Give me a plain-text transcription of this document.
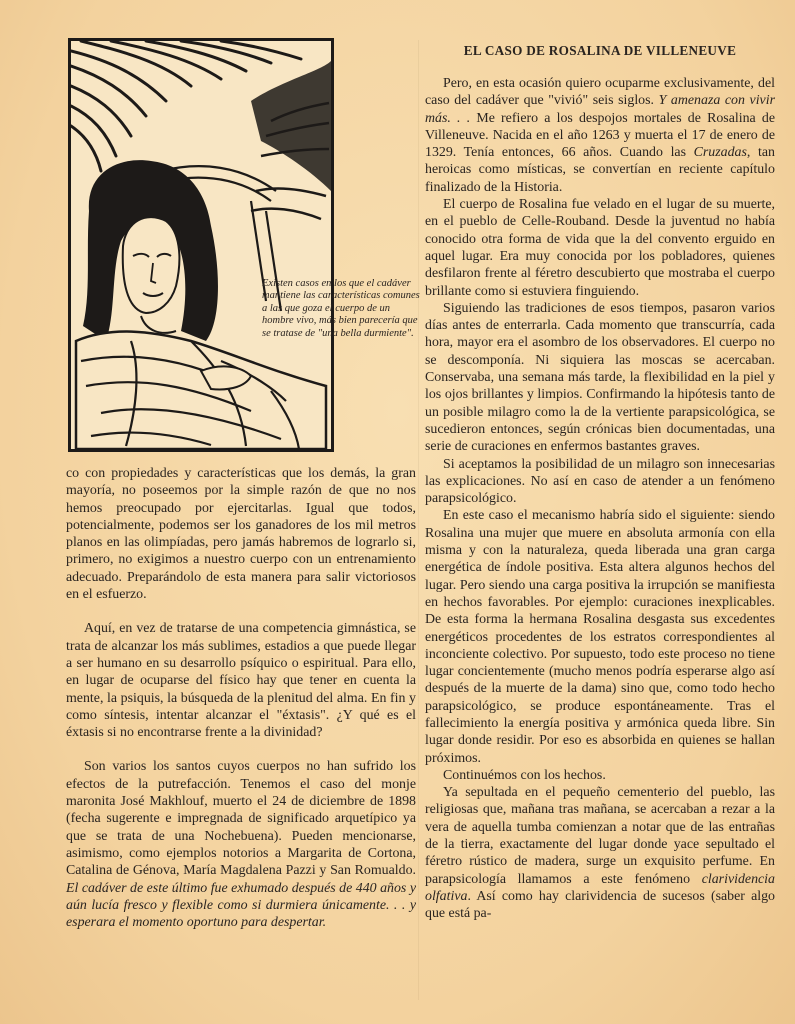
Existen casos en los que el cadáver mantiene las características comunes a las que goza el cuerpo de un hombre vivo, más bien parecería que se tratase de "una bella durmiente".

co con propiedades y características que los demás, la gran mayoría, no poseemos por la simple razón de que no nos hemos preocupado por ejercitarlas. Igual que todos, potencialmente, podemos ser los ganadores de los mil metros planos en las olimpíadas, pero jamás habremos de lograrlo si, primero, no exigimos a nuestro cuerpo con un entrenamiento adecuado. Preparándolo de esta manera para salir victoriosos en el esfuerzo.

Aquí, en vez de tratarse de una competencia gimnástica, se trata de alcanzar los más sublimes, estadios a que puede llegar a ser humano en su desarrollo psíquico o espiritual. Para ello, en lugar de ocuparse del físico hay que tener en cuenta la mente, la psiquis, la búsqueda de la plenitud del alma. En fin y como síntesis, intentar alcanzar el "éxtasis". ¿Y qué es el éxtasis si no encontrarse frente a la divinidad?

Son varios los santos cuyos cuerpos no han sufrido los efectos de la putrefacción. Tenemos el caso del monje maronita José Makhlouf, muerto el 24 de diciembre de 1898 (fecha sugerente e impregnada de significado arquetípico ya que se trata de una Nochebuena). Pueden mencionarse, asimismo, como ejemplos notorios a Margarita de Cortona, Catalina de Génova, María Magdalena Pazzi y San Romualdo. El cadáver de este último fue exhumado después de 440 años y aún lucía fresco y flexible como si durmiera únicamente. . . y esperara el momento oportuno para despertar.

EL CASO DE ROSALINA DE VILLENEUVE

Pero, en esta ocasión quiero ocuparme exclusivamente, del caso del cadáver que "vivió" seis siglos. Y amenaza con vivir más. . . Me refiero a los despojos mortales de Rosalina de Villeneuve. Nacida en el año 1263 y muerta el 17 de enero de 1329. Tenía entonces, 66 años. Cuando las Cruzadas, tan heroicas como místicas, se convertían en reciente capítulo finalizado de la Historia.

El cuerpo de Rosalina fue velado en el lugar de su muerte, en el pueblo de Celle-Rouband. Desde la juventud no había conocido otra forma de vida que la del convento erguido en aquel lugar. Era muy conocida por los pobladores, quienes desfilaron frente al féretro descubierto que mostraba el cuerpo brillante como si estuviera finguiendo.

Siguiendo las tradiciones de esos tiempos, pasaron varios días antes de enterrarla. Cada momento que transcurría, cada hora, mayor era el asombro de los observadores. El cuerpo no se descomponía. Ni siquiera las moscas se acercaban. Conservaba, una semana más tarde, la flexibilidad en la piel y los ojos brillantes y limpios. Confirmando la hipótesis tanto de un posible milagro como la de la vertiente parapsicológica, se sucedieron entonces, según crónicas bien documentadas, una serie de curaciones en enfermos bastantes graves.

Si aceptamos la posibilidad de un milagro son innecesarias las explicaciones. No así en caso de atender a un fenómeno parapsicológico.

En este caso el mecanismo habría sido el siguiente: siendo Rosalina una mujer que muere en absoluta armonía con ella misma y con la naturaleza, queda liberada una gran carga energética de índole positiva. Esta altera algunos hechos del lugar. Pero siendo una carga positiva la irrupción se manifiesta en hechos favorables. Por ejemplo: curaciones inexplicables. De esta forma la hermana Rosalina desgasta sus excedentes energéticos procedentes de los estratos correspondientes al inconciente colectivo. Por supuesto, todo este proceso no tiene lugar concientemente (mucho menos podría esperarse algo así después de la muerte de la dama) sino que, como todo hecho parapsicológico, se produce espontáneamente. Tras el fallecimiento la energía positiva y armónica queda libre. Sin lugar donde residir. Por eso es absorbida en quienes se hallan próximos.

Continuémos con los hechos.

Ya sepultada en el pequeño cementerio del pueblo, las religiosas que, mañana tras mañana, se acercaban a rezar a la vera de aquella tumba comienzan a notar que de las entrañas de la tierra, exactamente del lugar donde yace sepultado el féretro rústico de madera, surge un exquisito perfume. En parapsicología llamamos a este fenómeno clarividencia olfativa. Así como hay clarividencia de sucesos (saber algo que está pa-
